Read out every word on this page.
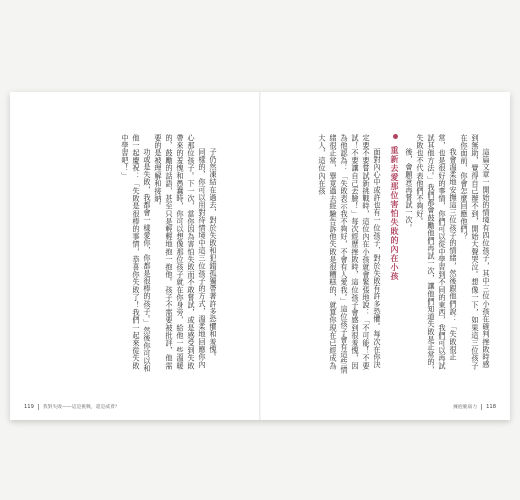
子仍然凍結在過去，對於失敗和犯錯孤獨帶著許多恐懼和羞愧。

同樣的，你可以用對待情境中這三位孩子的方式，溫柔地回應你內心那位孩子。下一次，當你因為害怕失敗而不敢嘗試，或是感受到失敗帶來的羞愧和愚蠢時，你可以想像那位孩子就在你身旁，給他一些溫暖的、鼓勵的話語，甚至只是輕輕地抱一抱他。孩子不需要被批評，他需要的是被理解和接納。

功或是失敗，我都會一樣愛你，你都是很棒的孩子。」然後你可以和他一起慶祝：「失敗是很棒的事情，恭喜你失敗了！我們一起來從失敗中學習吧！」

119 我對失敗——這是挑戰，還是威脅？

這篇文章一開始的情境有四位孩子，其中三位小孩在確判挫敗時感到無助，覺得自己辦不到，開始大聲哭泣。想像一下，如果這三位孩子在你面前，你會怎麼回應他們？

我會溫柔地安撫這三位孩子的情緒，然後跟他們說：「失敗很正常，也是很好的事情，你們可以從中學習到不同的東西，我們可以再試試其他方法。」我們都會鼓勵他們再試一次，讓他們知道失敗是正常的，失敗也不代表他們不夠好。

後，會願意再嘗試一次。

重新去愛那位害怕失敗的內在小孩

面對內心中或許也有一位孩子，對於失敗有許多恐懼。每次在你決定要不要嘗試新挑戰時，這位內在小孩就會緊張地說：「不可能！不要試！不要讓自己丟臉！」每次經歷挫敗時，這位孩子會感到很羞愧，因為他認為：「失敗表示我不夠好，不會有人愛我。」這位孩子會有這些情緒很正常，畢竟過去經驗告訴他失敗是很糟糕的，就算你現在已經成為大人，這位內在孩

擁抱脆弱力 118
